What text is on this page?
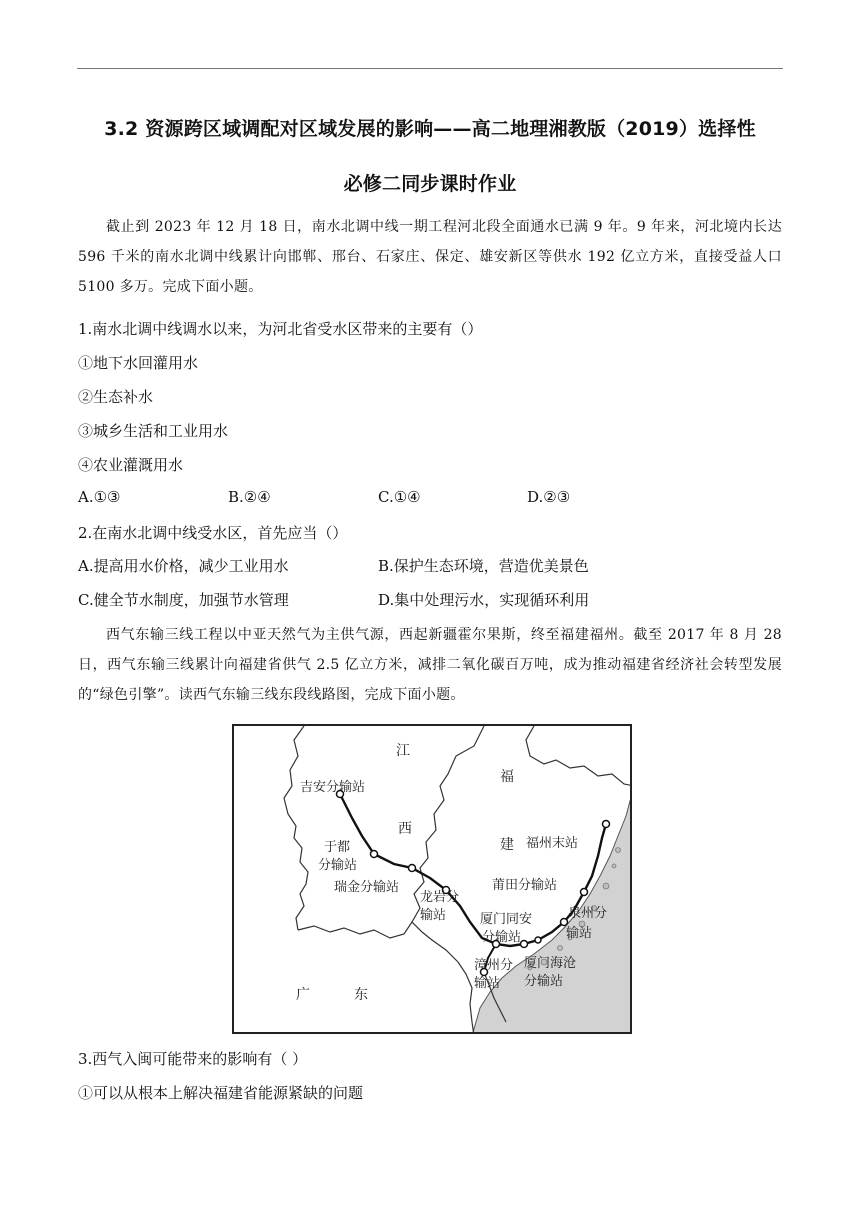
3.2 资源跨区域调配对区域发展的影响——高二地理湘教版（2019）选择性
必修二同步课时作业
截止到 2023 年 12 月 18 日，南水北调中线一期工程河北段全面通水已满 9 年。9 年来，河北境内长达 596 千米的南水北调中线累计向邯郸、邢台、石家庄、保定、雄安新区等供水 192 亿立方米，直接受益人口 5100 多万。完成下面小题。
1.南水北调中线调水以来，为河北省受水区带来的主要有（）
①地下水回灌用水
②生态补水
③城乡生活和工业用水
④农业灌溉用水
A.①③	B.②④	C.①④	D.②③
2.在南水北调中线受水区，首先应当（）
A.提高用水价格，减少工业用水	B.保护生态环境，营造优美景色
C.健全节水制度，加强节水管理	D.集中处理污水，实现循环利用
西气东输三线工程以中亚天然气为主供气源，西起新疆霍尔果斯，终至福建福州。截至 2017 年 8 月 28 日，西气东输三线累计向福建省供气 2.5 亿立方米，减排二氧化碳百万吨，成为推动福建省经济社会转型发展的“绿色引擎”。读西气东输三线东段线路图，完成下面小题。
江
西
福
建
广	东
吉安分输站
于都
分输站
瑞金分输站
龙岩分
输站
福州末站
莆田分输站
泉州分
输站
厦门同安
分输站
漳州分
输站
厦门海沧
分输站
3.西气入闽可能带来的影响有（ ）
①可以从根本上解决福建省能源紧缺的问题
